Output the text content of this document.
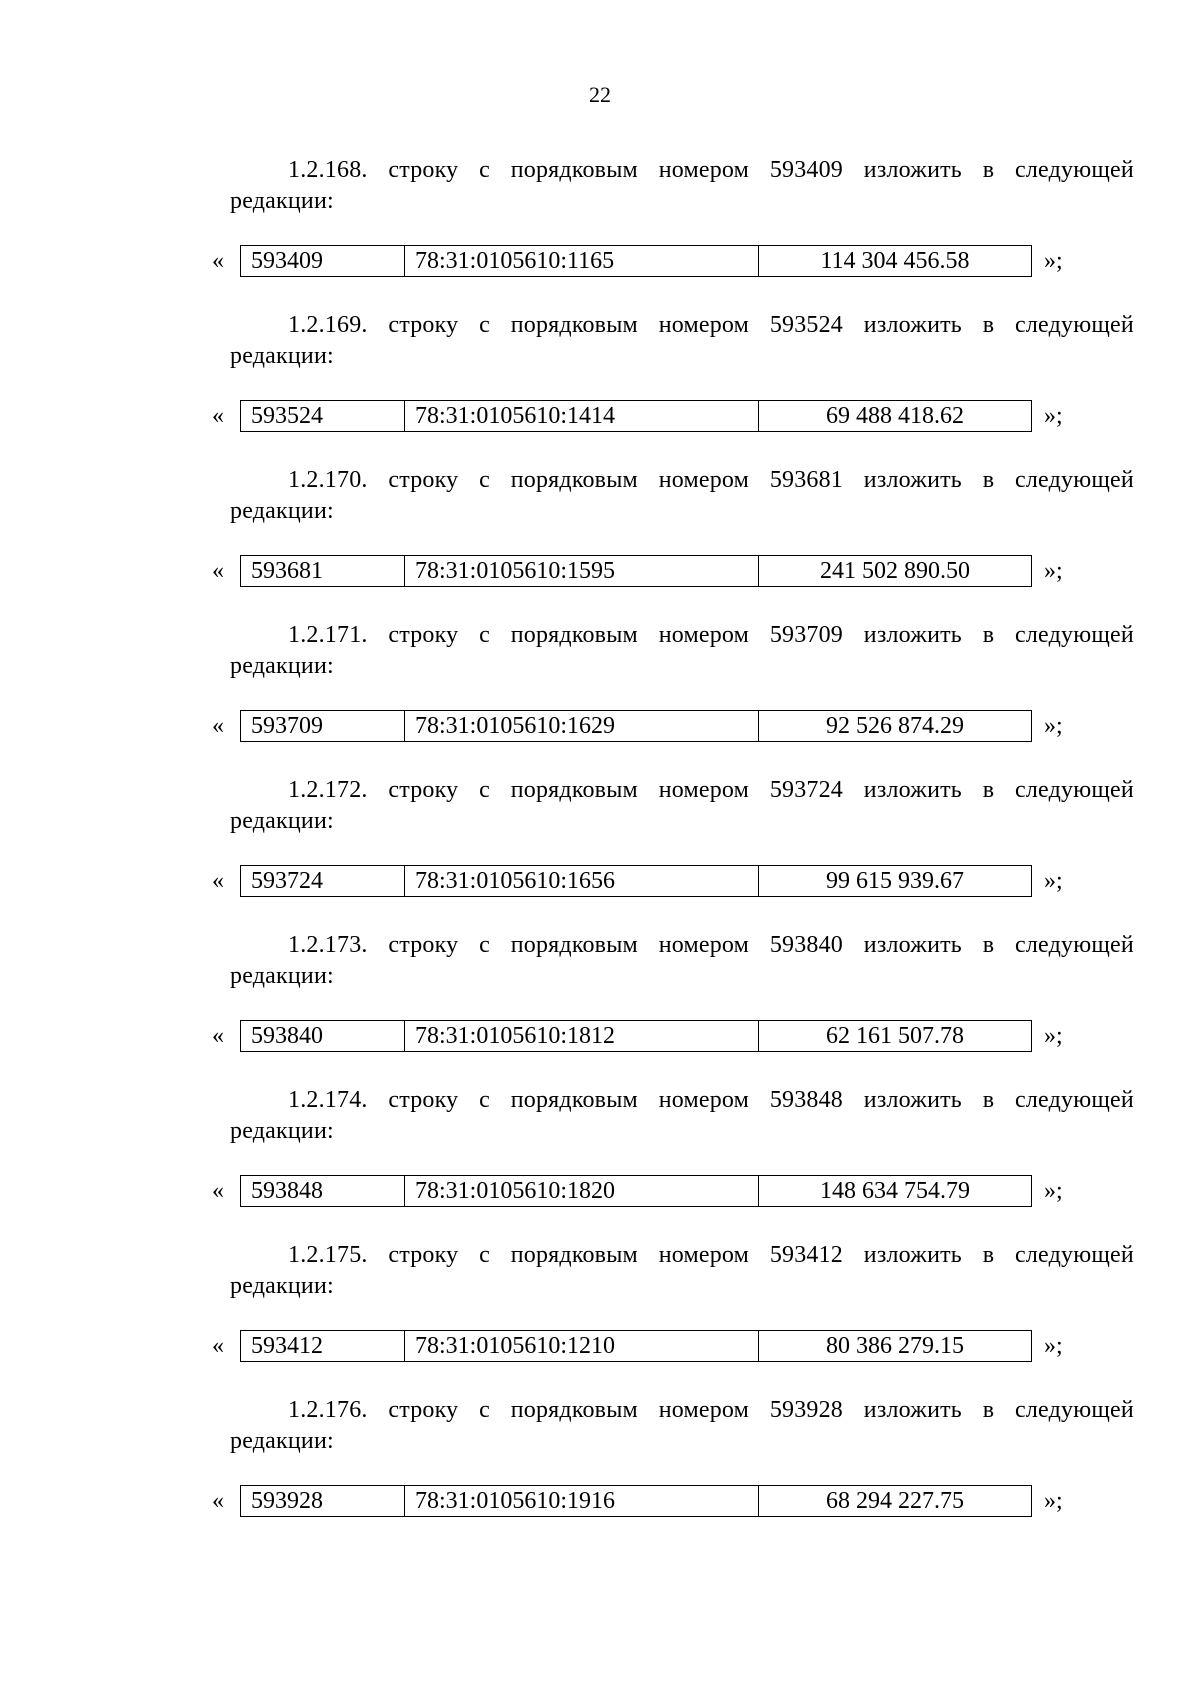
22
1.2.168. строку с порядковым номером 593409 изложить в следующей
редакции:
«	593409	78:31:0105610:1165	114 304 456.58	»;
1.2.169. строку с порядковым номером 593524 изложить в следующей
редакции:
«	593524	78:31:0105610:1414	69 488 418.62	»;
1.2.170. строку с порядковым номером 593681 изложить в следующей
редакции:
«	593681	78:31:0105610:1595	241 502 890.50	»;
1.2.171. строку с порядковым номером 593709 изложить в следующей
редакции:
«	593709	78:31:0105610:1629	92 526 874.29	»;
1.2.172. строку с порядковым номером 593724 изложить в следующей
редакции:
«	593724	78:31:0105610:1656	99 615 939.67	»;
1.2.173. строку с порядковым номером 593840 изложить в следующей
редакции:
«	593840	78:31:0105610:1812	62 161 507.78	»;
1.2.174. строку с порядковым номером 593848 изложить в следующей
редакции:
«	593848	78:31:0105610:1820	148 634 754.79	»;
1.2.175. строку с порядковым номером 593412 изложить в следующей
редакции:
«	593412	78:31:0105610:1210	80 386 279.15	»;
1.2.176. строку с порядковым номером 593928 изложить в следующей
редакции:
«	593928	78:31:0105610:1916	68 294 227.75	»;
